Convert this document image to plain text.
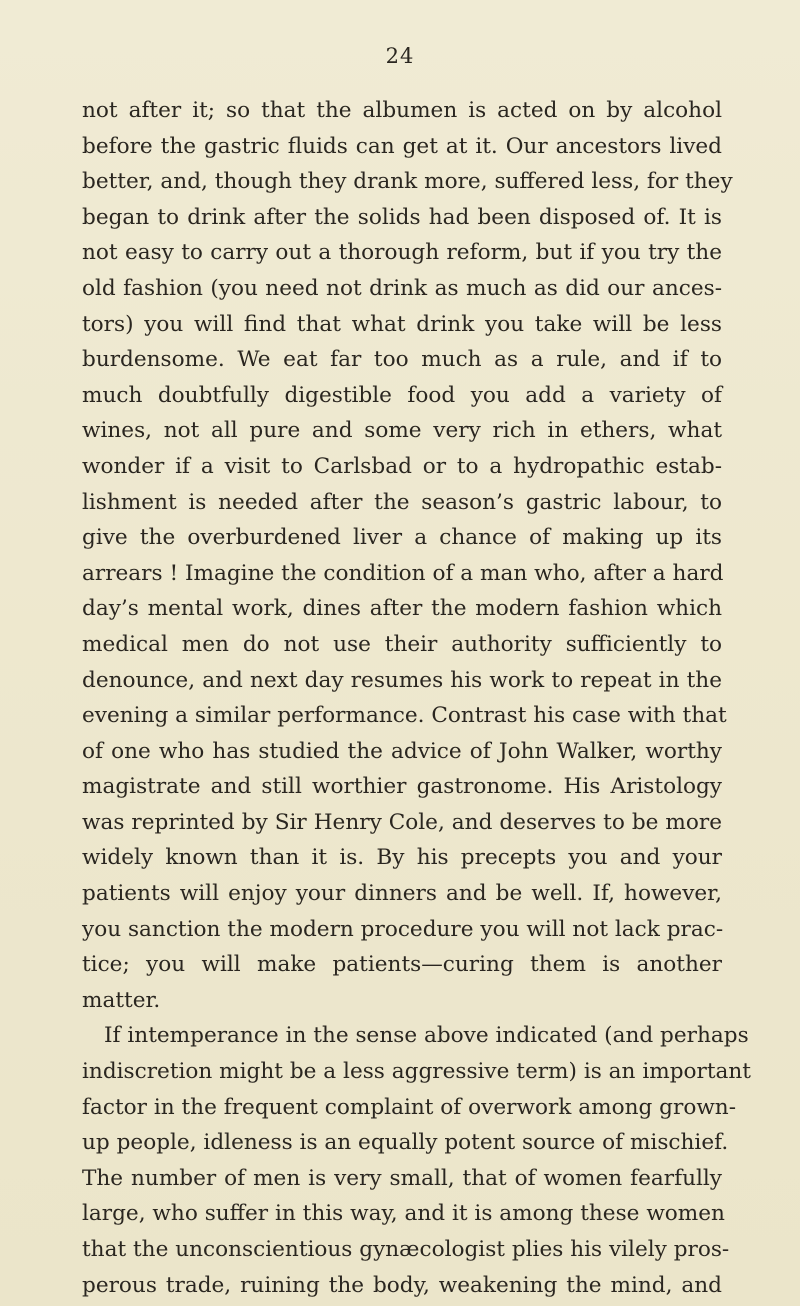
24
not after it; so that the albumen is acted on by alcohol
before the gastric fluids can get at it. Our ancestors lived
better, and, though they drank more, suffered less, for they
began to drink after the solids had been disposed of. It is
not easy to carry out a thorough reform, but if you try the
old fashion (you need not drink as much as did our ances-
tors) you will find that what drink you take will be less
burdensome. We eat far too much as a rule, and if to
much doubtfully digestible food you add a variety of
wines, not all pure and some very rich in ethers, what
wonder if a visit to Carlsbad or to a hydropathic estab-
lishment is needed after the season’s gastric labour, to
give the overburdened liver a chance of making up its
arrears ! Imagine the condition of a man who, after a hard
day’s mental work, dines after the modern fashion which
medical men do not use their authority sufficiently to
denounce, and next day resumes his work to repeat in the
evening a similar performance. Contrast his case with that
of one who has studied the advice of John Walker, worthy
magistrate and still worthier gastronome. His Aristology
was reprinted by Sir Henry Cole, and deserves to be more
widely known than it is. By his precepts you and your
patients will enjoy your dinners and be well. If, however,
you sanction the modern procedure you will not lack prac-
tice; you will make patients—curing them is another
matter.
If intemperance in the sense above indicated (and perhaps
indiscretion might be a less aggressive term) is an important
factor in the frequent complaint of overwork among grown-
up people, idleness is an equally potent source of mischief.
The number of men is very small, that of women fearfully
large, who suffer in this way, and it is among these women
that the unconscientious gynæcologist plies his vilely pros-
perous trade, ruining the body, weakening the mind, and
